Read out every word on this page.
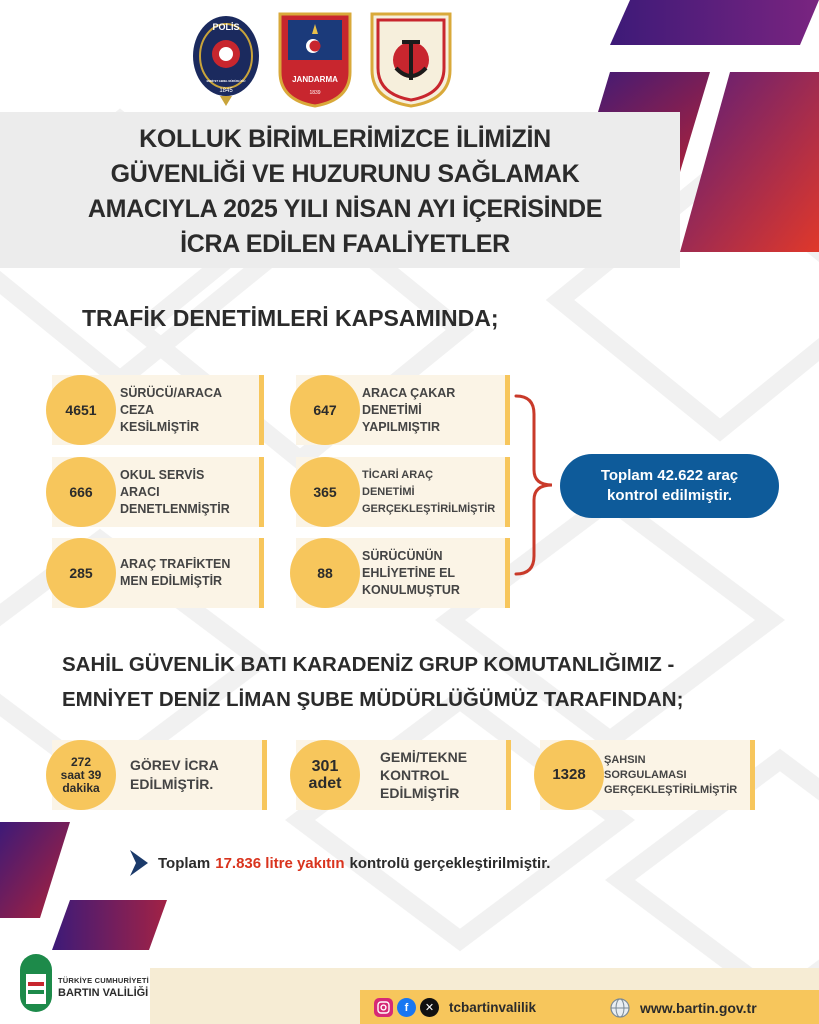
POLİS
EMNİYET GENEL MÜDÜRLÜĞÜ
1845
JANDARMA
1839
KOLLUK BİRİMLERİMİZCE İLİMİZİN
GÜVENLİĞİ VE HUZURUNU SAĞLAMAK
AMACIYLA 2025 YILI NİSAN AYI İÇERİSİNDE
İCRA EDİLEN FAALİYETLER
TRAFİK DENETİMLERİ KAPSAMINDA;
4651
SÜRÜCÜ/ARACA
CEZA
KESİLMİŞTİR
666
OKUL SERVİS
ARACI
DENETLENMİŞTİR
285
ARAÇ TRAFİKTEN
MEN EDİLMİŞTİR
647
ARACA ÇAKAR
DENETİMİ
YAPILMIŞTIR
365
TİCARİ ARAÇ
DENETİMİ
GERÇEKLEŞTİRİLMİŞTİR
88
SÜRÜCÜNÜN
EHLİYETİNE EL
KONULMUŞTUR
Toplam 42.622 araç kontrol edilmiştir.
SAHİL GÜVENLİK BATI KARADENİZ GRUP KOMUTANLIĞIMIZ -
EMNİYET DENİZ LİMAN ŞUBE MÜDÜRLÜĞÜMÜZ TARAFINDAN;
272
saat 39
dakika
GÖREV İCRA
EDİLMİŞTİR.
301
adet
GEMİ/TEKNE
KONTROL
EDİLMİŞTİR
1328
ŞAHSIN
SORGULAMASI
GERÇEKLEŞTİRİLMİŞTİR
Toplam 17.836 litre yakıtın kontrolü gerçekleştirilmiştir.
TÜRKİYE CUMHURİYETİ
BARTIN VALİLİĞİ
f	✕	tcbartinvalilik	www.bartin.gov.tr
